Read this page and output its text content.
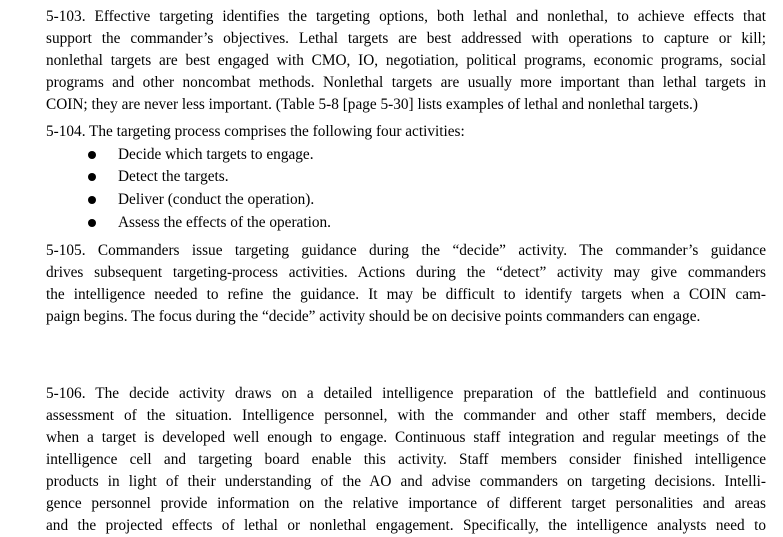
5-103. Effective targeting identifies the targeting options, both lethal and nonlethal, to achieve effects that
support the commander’s objectives. Lethal targets are best addressed with operations to capture or kill;
nonlethal targets are best engaged with CMO, IO, negotiation, political programs, economic programs, social
programs and other noncombat methods. Nonlethal targets are usually more important than lethal targets in
COIN; they are never less important. (Table 5-8 [page 5-30] lists examples of lethal and nonlethal targets.)
5-104. The targeting process comprises the following four activities:
Decide which targets to engage.
Detect the targets.
Deliver (conduct the operation).
Assess the effects of the operation.
5-105. Commanders issue targeting guidance during the “decide” activity. The commander’s guidance
drives subsequent targeting-process activities. Actions during the “detect” activity may give commanders
the intelligence needed to refine the guidance. It may be difficult to identify targets when a COIN cam-
paign begins. The focus during the “decide” activity should be on decisive points commanders can engage.
5-106. The decide activity draws on a detailed intelligence preparation of the battlefield and continuous
assessment of the situation. Intelligence personnel, with the commander and other staff members, decide
when a target is developed well enough to engage. Continuous staff integration and regular meetings of the
intelligence cell and targeting board enable this activity. Staff members consider finished intelligence
products in light of their understanding of the AO and advise commanders on targeting decisions. Intelli-
gence personnel provide information on the relative importance of different target personalities and areas
and the projected effects of lethal or nonlethal engagement. Specifically, the intelligence analysts need to
